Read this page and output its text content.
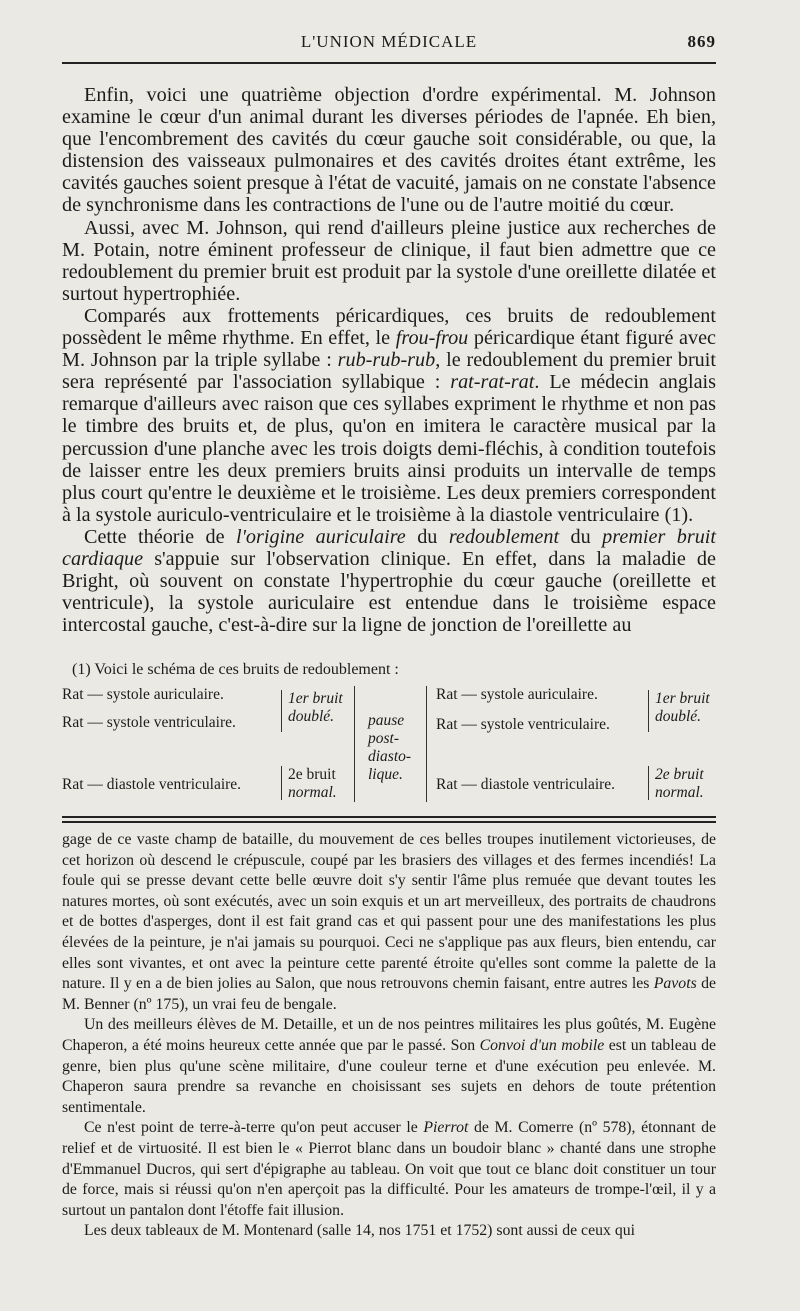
L'UNION MÉDICALE	869

Enfin, voici une quatrième objection d'ordre expérimental. M. Johnson examine le cœur d'un animal durant les diverses périodes de l'apnée. Eh bien, que l'encombrement des cavités du cœur gauche soit considérable, ou que, la distension des vaisseaux pulmonaires et des cavités droites étant extrême, les cavités gauches soient presque à l'état de vacuité, jamais on ne constate l'absence de synchronisme dans les contractions de l'une ou de l'autre moitié du cœur.

Aussi, avec M. Johnson, qui rend d'ailleurs pleine justice aux recherches de M. Potain, notre éminent professeur de clinique, il faut bien admettre que ce redoublement du premier bruit est produit par la systole d'une oreillette dilatée et surtout hypertrophiée.

Comparés aux frottements péricardiques, ces bruits de redoublement possèdent le même rhythme. En effet, le frou-frou péricardique étant figuré avec M. Johnson par la triple syllabe : rub-rub-rub, le redoublement du premier bruit sera représenté par l'association syllabique : rat-rat-rat. Le médecin anglais remarque d'ailleurs avec raison que ces syllabes expriment le rhythme et non pas le timbre des bruits et, de plus, qu'on en imitera le caractère musical par la percussion d'une planche avec les trois doigts demi-fléchis, à condition toutefois de laisser entre les deux premiers bruits ainsi produits un intervalle de temps plus court qu'entre le deuxième et le troisième. Les deux premiers correspondent à la systole auriculo-ventriculaire et le troisième à la diastole ventriculaire (1).

Cette théorie de l'origine auriculaire du redoublement du premier bruit cardiaque s'appuie sur l'observation clinique. En effet, dans la maladie de Bright, où souvent on constate l'hypertrophie du cœur gauche (oreillette et ventricule), la systole auriculaire est entendue dans le troisième espace intercostal gauche, c'est-à-dire sur la ligne de jonction de l'oreillette au

(1) Voici le schéma de ces bruits de redoublement :
Rat — systole auriculaire.
Rat — systole ventriculaire.
Rat — diastole ventriculaire.
1er bruit
doublé.
2e bruit
normal.
pause
post-
diasto-
lique.
Rat — systole auriculaire.
Rat — systole ventriculaire.
Rat — diastole ventriculaire.
1er bruit
doublé.
2e bruit
normal.

gage de ce vaste champ de bataille, du mouvement de ces belles troupes inutilement victorieuses, de cet horizon où descend le crépuscule, coupé par les brasiers des villages et des fermes incendiés! La foule qui se presse devant cette belle œuvre doit s'y sentir l'âme plus remuée que devant toutes les natures mortes, où sont exécutés, avec un soin exquis et un art merveilleux, des portraits de chaudrons et de bottes d'asperges, dont il est fait grand cas et qui passent pour une des manifestations les plus élevées de la peinture, je n'ai jamais su pourquoi. Ceci ne s'applique pas aux fleurs, bien entendu, car elles sont vivantes, et ont avec la peinture cette parenté étroite qu'elles sont comme la palette de la nature. Il y en a de bien jolies au Salon, que nous retrouvons chemin faisant, entre autres les Pavots de M. Benner (nº 175), un vrai feu de bengale.

Un des meilleurs élèves de M. Detaille, et un de nos peintres militaires les plus goûtés, M. Eugène Chaperon, a été moins heureux cette année que par le passé. Son Convoi d'un mobile est un tableau de genre, bien plus qu'une scène militaire, d'une couleur terne et d'une exécution peu enlevée. M. Chaperon saura prendre sa revanche en choisissant ses sujets en dehors de toute prétention sentimentale.

Ce n'est point de terre-à-terre qu'on peut accuser le Pierrot de M. Comerre (nº 578), étonnant de relief et de virtuosité. Il est bien le « Pierrot blanc dans un boudoir blanc » chanté dans une strophe d'Emmanuel Ducros, qui sert d'épigraphe au tableau. On voit que tout ce blanc doit constituer un tour de force, mais si réussi qu'on n'en aperçoit pas la difficulté. Pour les amateurs de trompe-l'œil, il y a surtout un pantalon dont l'étoffe fait illusion.

Les deux tableaux de M. Montenard (salle 14, nos 1751 et 1752) sont aussi de ceux qui
